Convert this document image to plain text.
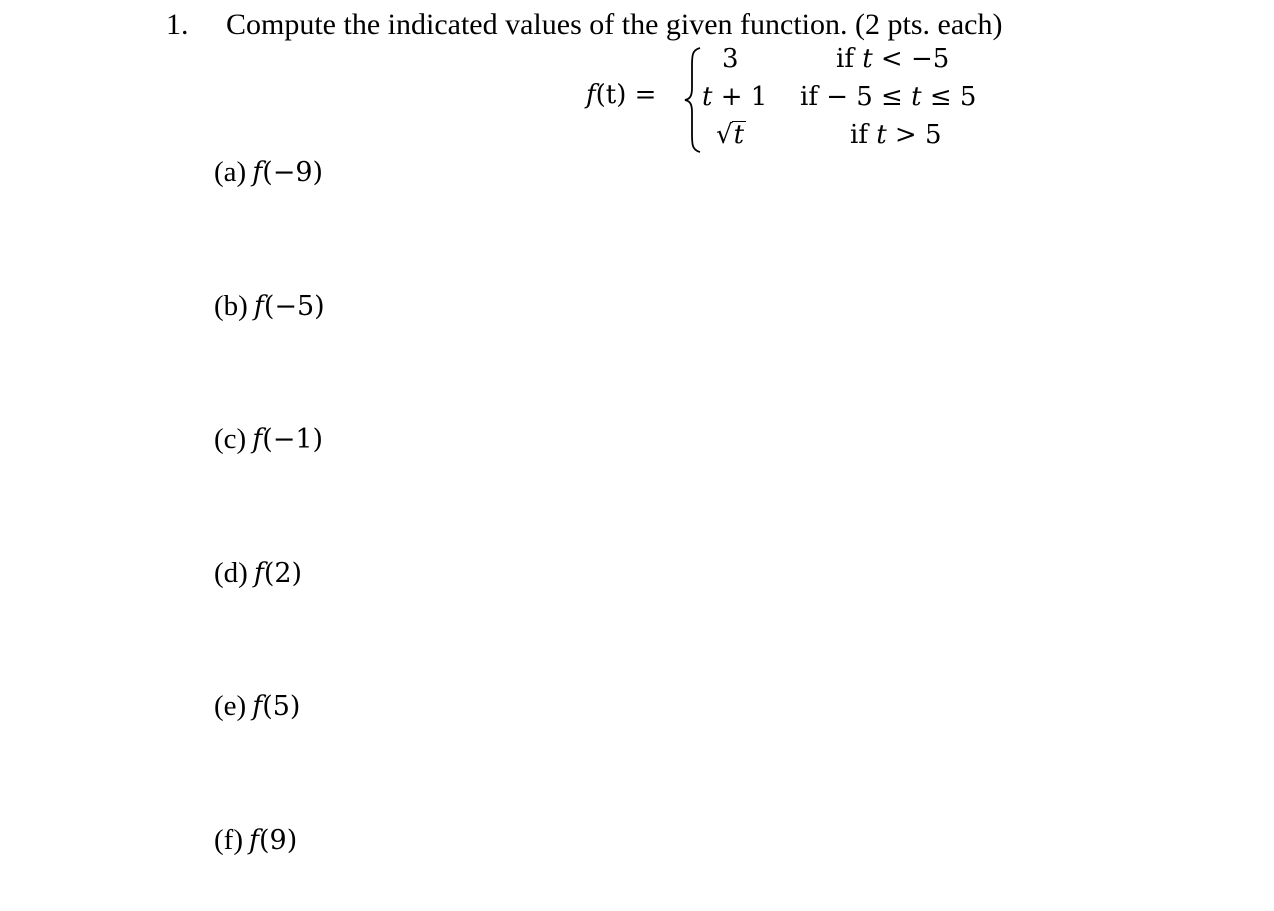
1. Compute the indicated values of the given function. (2 pts. each)
f(t) =
3	if t < −5
t + 1 if − 5 ≤ t ≤ 5
√t	if t > 5
(a) f(−9)
(b) f(−5)
(c) f(−1)
(d) f(2)
(e) f(5)
(f) f(9)
